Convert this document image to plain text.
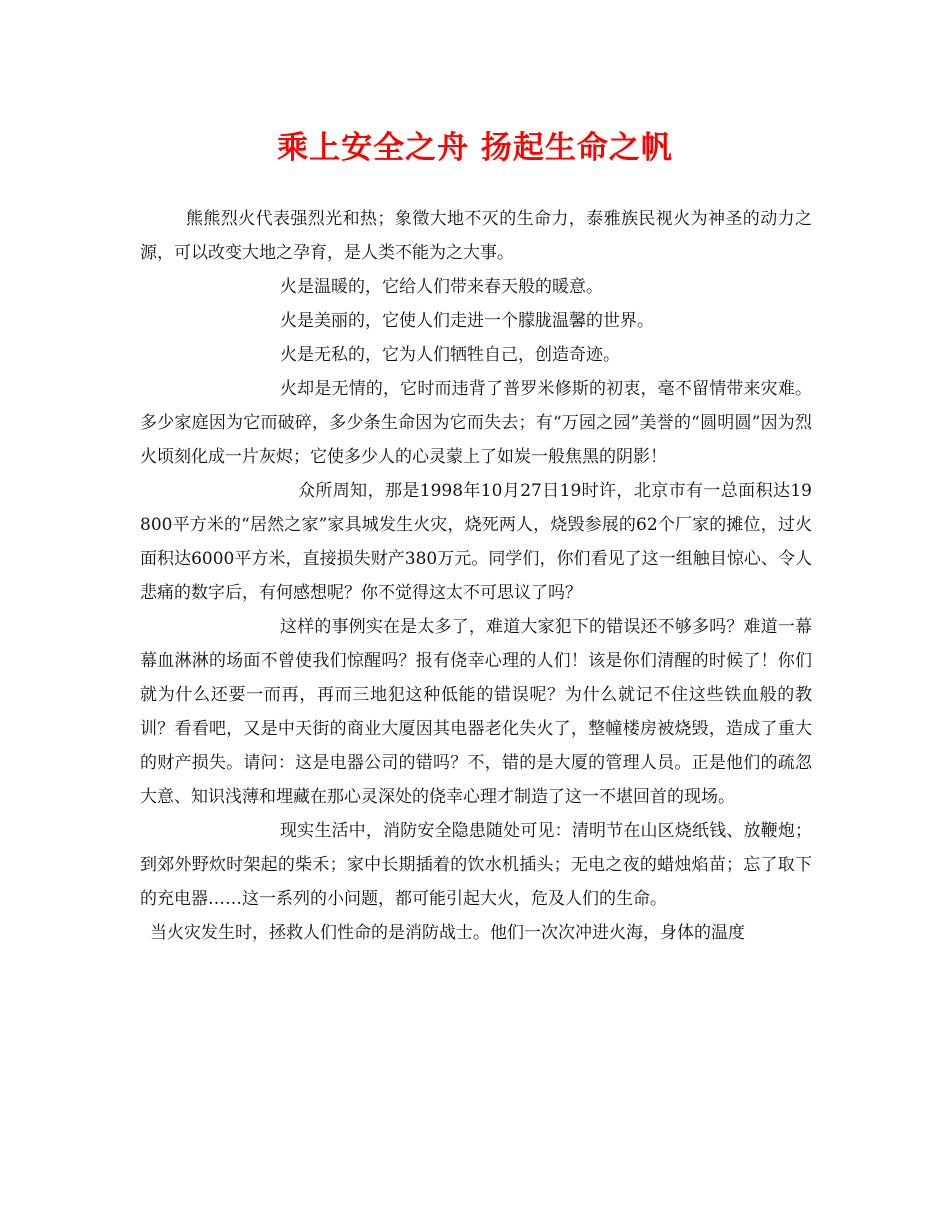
乘上安全之舟 扬起生命之帆

熊熊烈火代表强烈光和热；象徵大地不灭的生命力，泰雅族民视火为神圣的动力之源，可以改变大地之孕育，是人类不能为之大事。

火是温暖的，它给人们带来春天般的暖意。

火是美丽的，它使人们走进一个朦胧温馨的世界。

火是无私的，它为人们牺牲自己，创造奇迹。

火却是无情的，它时而违背了普罗米修斯的初衷，毫不留情带来灾难。多少家庭因为它而破碎，多少条生命因为它而失去；有“万园之园”美誉的“圆明圆”因为烈火顷刻化成一片灰烬；它使多少人的心灵蒙上了如炭一般焦黑的阴影！

众所周知，那是1998年10月27日19时许，北京市有一总面积达19800平方米的“居然之家”家具城发生火灾，烧死两人，烧毁参展的62个厂家的摊位，过火面积达6000平方米，直接损失财产380万元。同学们，你们看见了这一组触目惊心、令人悲痛的数字后，有何感想呢？你不觉得这太不可思议了吗？

这样的事例实在是太多了，难道大家犯下的错误还不够多吗？难道一幕幕血淋淋的场面不曾使我们惊醒吗？报有侥幸心理的人们！该是你们清醒的时候了！你们就为什么还要一而再，再而三地犯这种低能的错误呢？为什么就记不住这些铁血般的教训？看看吧，又是中天街的商业大厦因其电器老化失火了，整幢楼房被烧毁，造成了重大的财产损失。请问：这是电器公司的错吗？不，错的是大厦的管理人员。正是他们的疏忽大意、知识浅薄和埋藏在那心灵深处的侥幸心理才制造了这一不堪回首的现场。

现实生活中，消防安全隐患随处可见：清明节在山区烧纸钱、放鞭炮；到郊外野炊时架起的柴禾；家中长期插着的饮水机插头；无电之夜的蜡烛焰苗；忘了取下的充电器……这一系列的小问题，都可能引起大火，危及人们的生命。

当火灾发生时，拯救人们性命的是消防战士。他们一次次冲进火海，身体的温度
